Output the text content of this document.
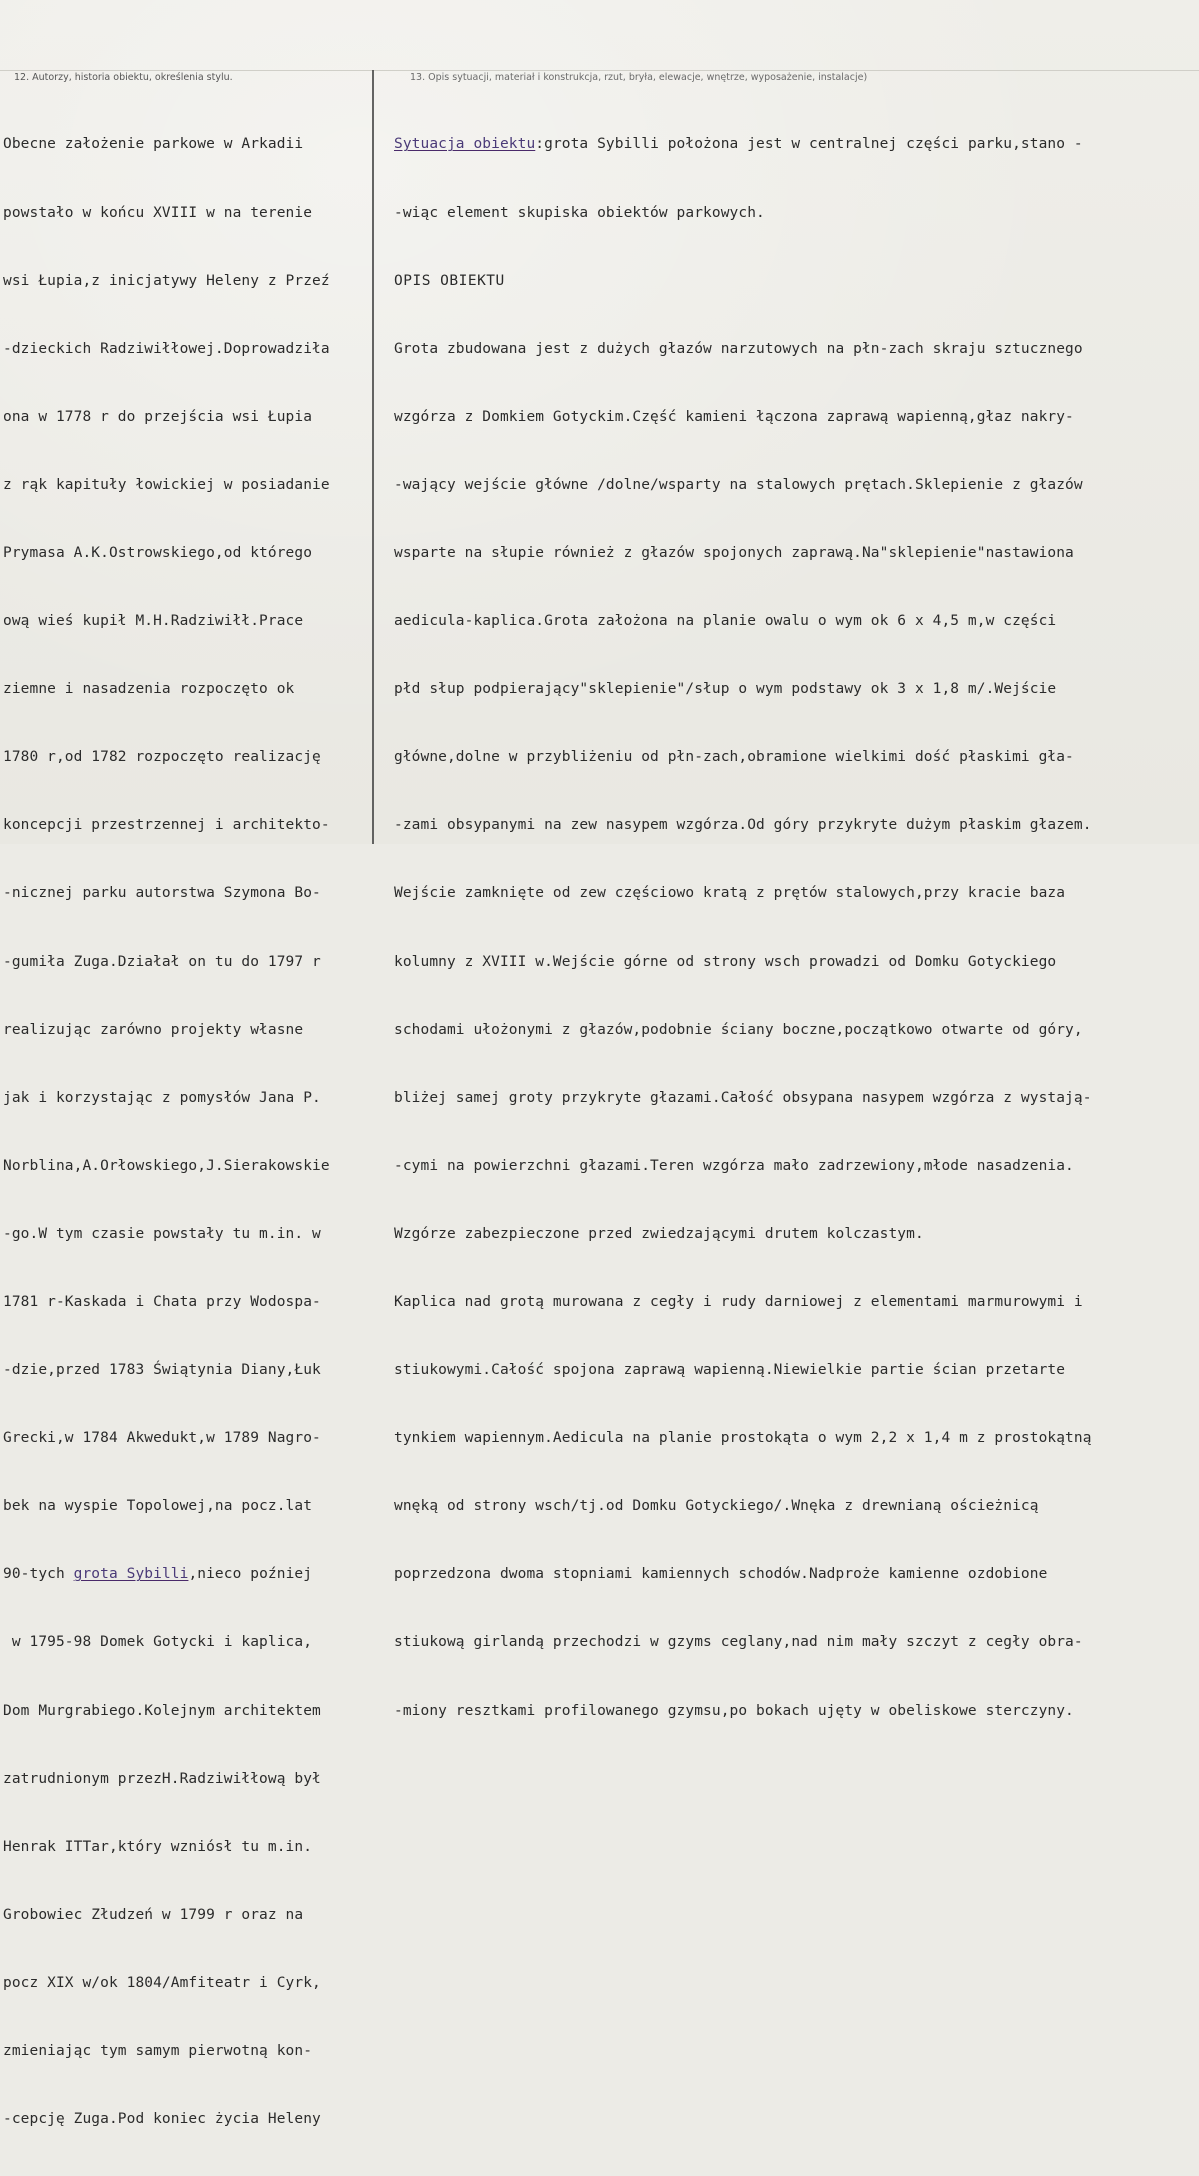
12. Autorzy, historia obiektu, określenia stylu.	13. Opis sytuacji, materiał i konstrukcja, rzut, bryła, elewacje, wnętrze, wyposażenie, instalacje)

Obecne założenie parkowe w Arkadii

powstało w końcu XVIII w na terenie

wsi Łupia,z inicjatywy Heleny z Przeź

-dzieckich Radziwiłłowej.Doprowadziła

ona w 1778 r do przejścia wsi Łupia

z rąk kapituły łowickiej w posiadanie

Prymasa A.K.Ostrowskiego,od którego

ową wieś kupił M.H.Radziwiłł.Prace

ziemne i nasadzenia rozpoczęto ok

1780 r,od 1782 rozpoczęto realizację

koncepcji przestrzennej i architekto-

-nicznej parku autorstwa Szymona Bo-

-gumiła Zuga.Działał on tu do 1797 r

realizując zarówno projekty własne

jak i korzystając z pomysłów Jana P.

Norblina,A.Orłowskiego,J.Sierakowskie

-go.W tym czasie powstały tu m.in. w

1781 r-Kaskada i Chata przy Wodospa-

-dzie,przed 1783 Świątynia Diany,Łuk

Grecki,w 1784 Akwedukt,w 1789 Nagro-

bek na wyspie Topolowej,na pocz.lat

90-tych grota Sybilli,nieco poźniej

w 1795-98 Domek Gotycki i kaplica,

Dom Murgrabiego.Kolejnym architektem

zatrudnionym przezH.Radziwiłłową był

Henrak ITTar,który wzniósł tu m.in.

Grobowiec Złudzeń w 1799 r oraz na

pocz XIX w/ok 1804/Amfiteatr i Cyrk,

zmieniając tym samym pierwotną kon-

-cepcję Zuga.Pod koniec życia Heleny

Sytuacja obiektu:grota Sybilli położona jest w centralnej części parku,stano -

-wiąc element skupiska obiektów parkowych.

OPIS OBIEKTU

Grota zbudowana jest z dużych głazów narzutowych na płn-zach skraju sztucznego

wzgórza z Domkiem Gotyckim.Część kamieni łączona zaprawą wapienną,głaz nakry-

-wający wejście główne /dolne/wsparty na stalowych prętach.Sklepienie z głazów

wsparte na słupie również z głazów spojonych zaprawą.Na"sklepienie"nastawiona

aedicula-kaplica.Grota założona na planie owalu o wym ok 6 x 4,5 m,w części

płd słup podpierający"sklepienie"/słup o wym podstawy ok 3 x 1,8 m/.Wejście

główne,dolne w przybliżeniu od płn-zach,obramione wielkimi dość płaskimi gła-

-zami obsypanymi na zew nasypem wzgórza.Od góry przykryte dużym płaskim głazem.

Wejście zamknięte od zew częściowo kratą z prętów stalowych,przy kracie baza

kolumny z XVIII w.Wejście górne od strony wsch prowadzi od Domku Gotyckiego

schodami ułożonymi z głazów,podobnie ściany boczne,początkowo otwarte od góry,

bliżej samej groty przykryte głazami.Całość obsypana nasypem wzgórza z wystają-

-cymi na powierzchni głazami.Teren wzgórza mało zadrzewiony,młode nasadzenia.

Wzgórze zabezpieczone przed zwiedzającymi drutem kolczastym.

Kaplica nad grotą murowana z cegły i rudy darniowej z elementami marmurowymi i

stiukowymi.Całość spojona zaprawą wapienną.Niewielkie partie ścian przetarte

tynkiem wapiennym.Aedicula na planie prostokąta o wym 2,2 x 1,4 m z prostokątną

wnęką od strony wsch/tj.od Domku Gotyckiego/.Wnęka z drewnianą ościeżnicą

poprzedzona dwoma stopniami kamiennych schodów.Nadproże kamienne ozdobione

stiukową girlandą przechodzi w gzyms ceglany,nad nim mały szczyt z cegły obra-

-miony resztkami profilowanego gzymsu,po bokach ujęty w obeliskowe sterczyny.
